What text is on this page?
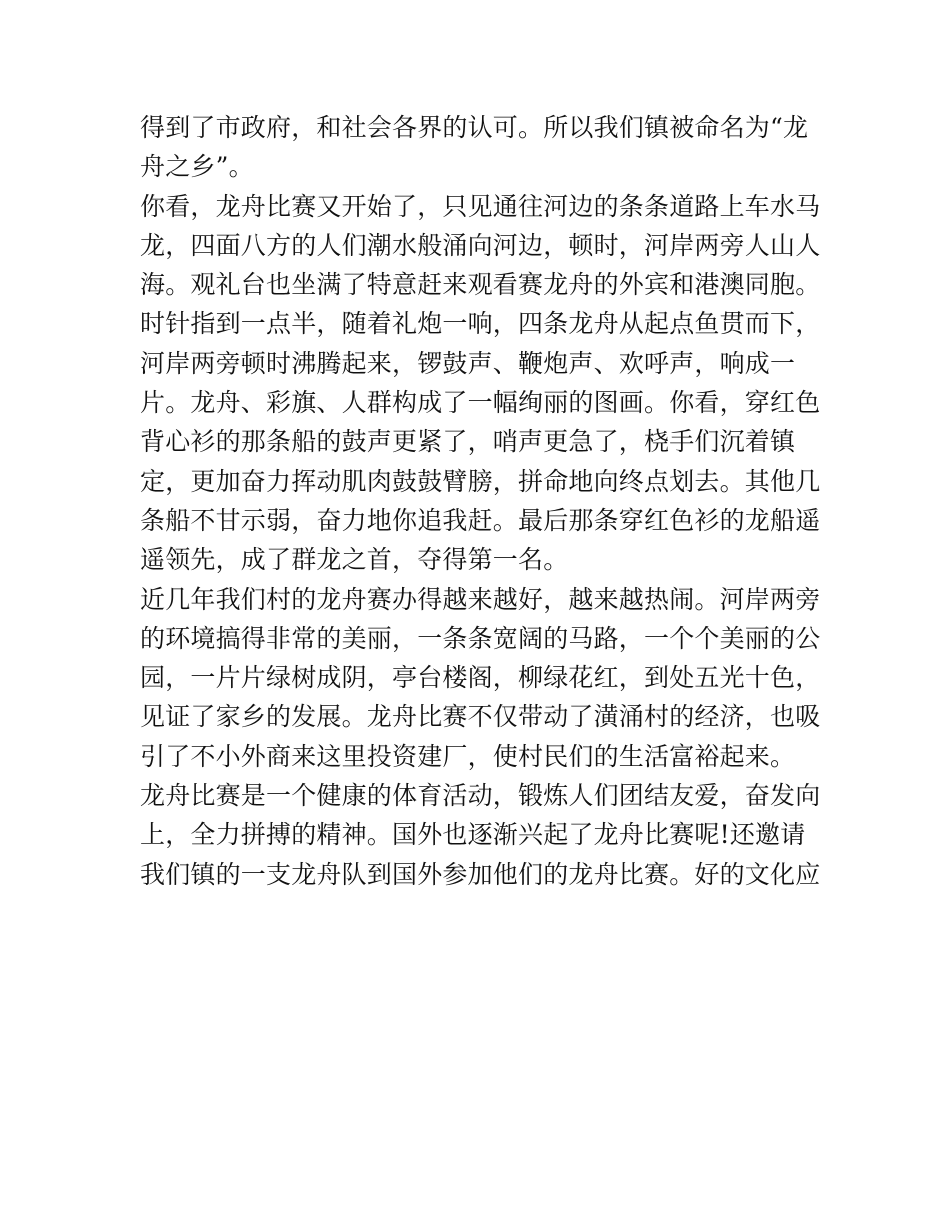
得到了市政府，和社会各界的认可。所以我们镇被命名为“龙
舟之乡”。
你看，龙舟比赛又开始了，只见通往河边的条条道路上车水马
龙，四面八方的人们潮水般涌向河边，顿时，河岸两旁人山人
海。观礼台也坐满了特意赶来观看赛龙舟的外宾和港澳同胞。
时针指到一点半，随着礼炮一响，四条龙舟从起点鱼贯而下，
河岸两旁顿时沸腾起来，锣鼓声、鞭炮声、欢呼声，响成一
片。龙舟、彩旗、人群构成了一幅绚丽的图画。你看，穿红色
背心衫的那条船的鼓声更紧了，哨声更急了，桡手们沉着镇
定，更加奋力挥动肌肉鼓鼓臂膀，拼命地向终点划去。其他几
条船不甘示弱，奋力地你追我赶。最后那条穿红色衫的龙船遥
遥领先，成了群龙之首，夺得第一名。
近几年我们村的龙舟赛办得越来越好，越来越热闹。河岸两旁
的环境搞得非常的美丽，一条条宽阔的马路，一个个美丽的公
园，一片片绿树成阴，亭台楼阁，柳绿花红，到处五光十色，
见证了家乡的发展。龙舟比赛不仅带动了潢涌村的经济，也吸
引了不小外商来这里投资建厂，使村民们的生活富裕起来。
龙舟比赛是一个健康的体育活动，锻炼人们团结友爱，奋发向
上，全力拼搏的精神。国外也逐渐兴起了龙舟比赛呢!还邀请
我们镇的一支龙舟队到国外参加他们的龙舟比赛。好的文化应
